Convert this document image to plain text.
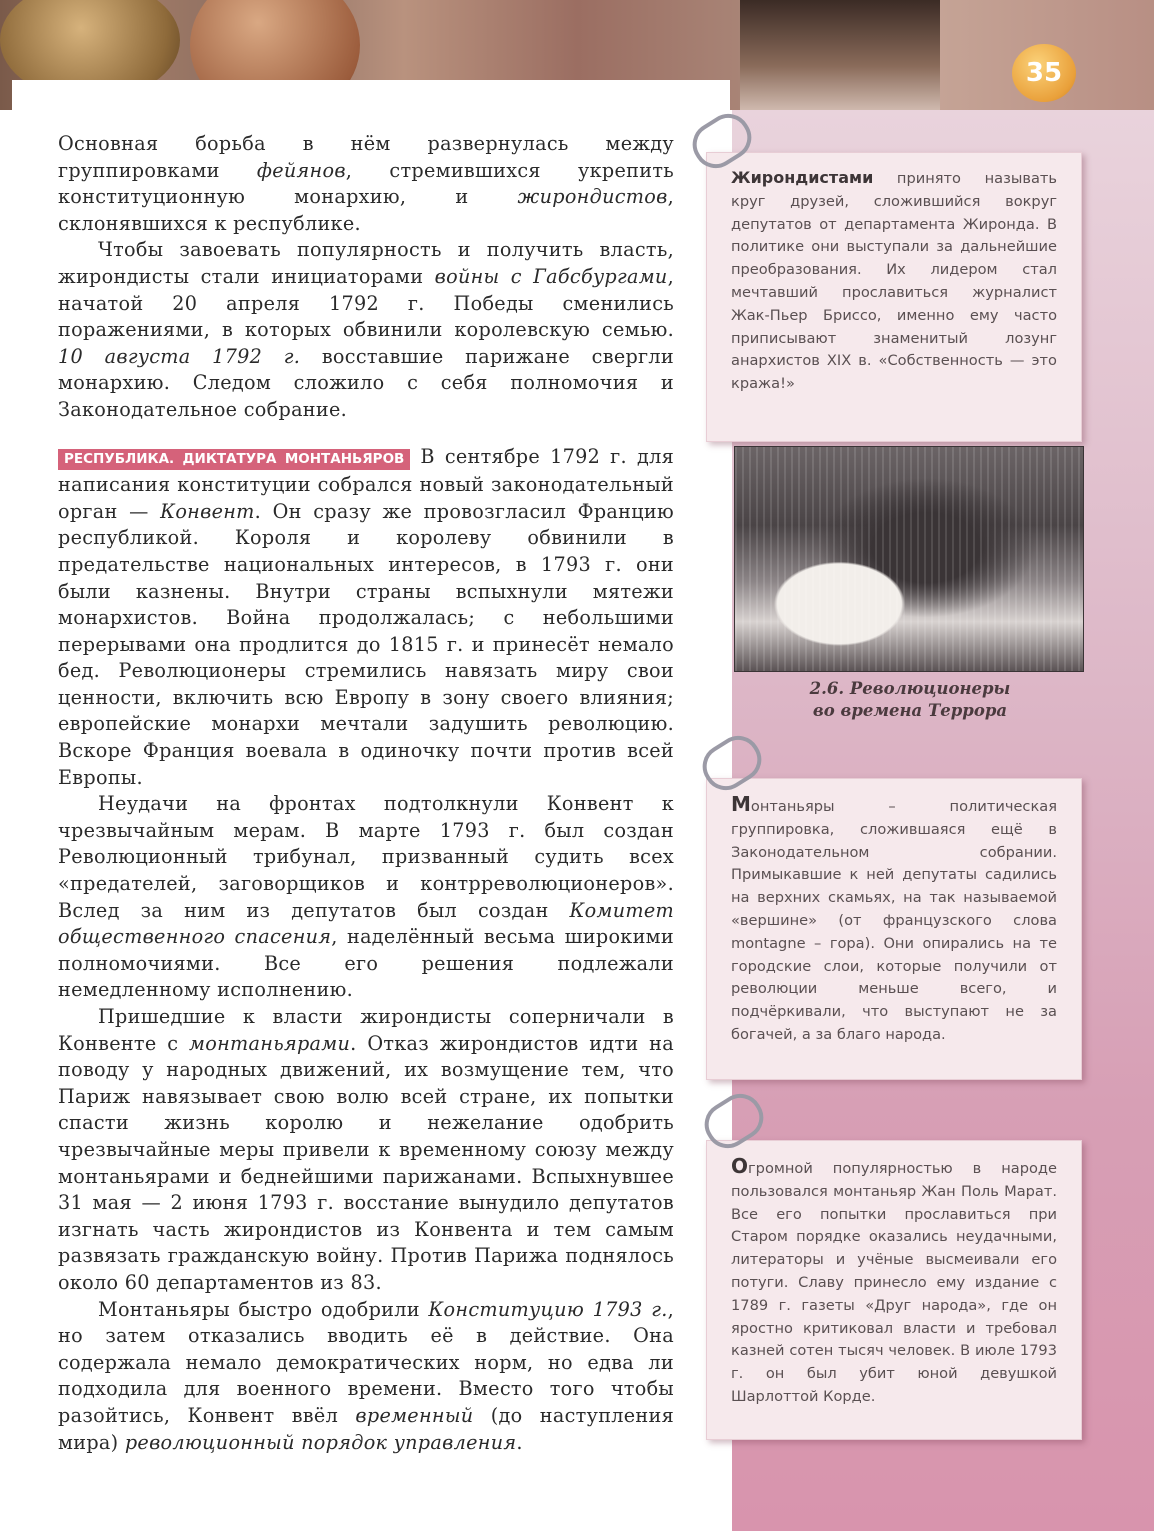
35

Основная борьба в нём развернулась между группировками фейянов, стремившихся укрепить конституционную монархию, и жирондистов, склонявшихся к республике.

Чтобы завоевать популярность и получить власть, жирондисты стали инициаторами войны с Габсбургами, начатой 20 апреля 1792 г. Победы сменились поражениями, в которых обвинили королевскую семью. 10 августа 1792 г. восставшие парижане свергли монархию. Следом сложило с себя полномочия и Законодательное собрание.

РЕСПУБЛИКА. ДИКТАТУРА МОНТАНЬЯРОВ В сентябре 1792 г. для написания конституции собрался новый законодательный орган — Конвент. Он сразу же провозгласил Францию республикой. Короля и королеву обвинили в предательстве национальных интересов, в 1793 г. они были казнены. Внутри страны вспыхнули мятежи монархистов. Война продолжалась; с небольшими перерывами она продлится до 1815 г. и принесёт немало бед. Революционеры стремились навязать миру свои ценности, включить всю Европу в зону своего влияния; европейские монархи мечтали задушить революцию. Вскоре Франция воевала в одиночку почти против всей Европы.

Неудачи на фронтах подтолкнули Конвент к чрезвычайным мерам. В марте 1793 г. был создан Революционный трибунал, призванный судить всех «предателей, заговорщиков и контрреволюционеров». Вслед за ним из депутатов был создан Комитет общественного спасения, наделённый весьма широкими полномочиями. Все его решения подлежали немедленному исполнению.

Пришедшие к власти жирондисты соперничали в Конвенте с монтаньярами. Отказ жирондистов идти на поводу у народных движений, их возмущение тем, что Париж навязывает свою волю всей стране, их попытки спасти жизнь королю и нежелание одобрить чрезвычайные меры привели к временному союзу между монтаньярами и беднейшими парижанами. Вспыхнувшее 31 мая — 2 июня 1793 г. восстание вынудило депутатов изгнать часть жирондистов из Конвента и тем самым развязать гражданскую войну. Против Парижа поднялось около 60 департаментов из 83.

Монтаньяры быстро одобрили Конституцию 1793 г., но затем отказались вводить её в действие. Она содержала немало демократических норм, но едва ли подходила для военного времени. Вместо того чтобы разойтись, Конвент ввёл временный (до наступления мира) революционный порядок управления.

Жирондистами принято называть круг друзей, сложившийся вокруг депутатов от департамента Жиронда. В политике они выступали за дальнейшие преобразования. Их лидером стал мечтавший прославиться журналист Жак-Пьер Бриссо, именно ему часто приписывают знаменитый лозунг анархистов XIX в. «Собственность — это кража!»
2.6. Революционеры
во времена Террора
Монтаньяры – политическая группировка, сложившаяся ещё в Законодательном собрании. Примыкавшие к ней депутаты садились на верхних скамьях, на так называемой «вершине» (от французского слова montagne – гора). Они опирались на те городские слои, которые получили от революции меньше всего, и подчёркивали, что выступают не за богачей, а за благо народа.
Огромной популярностью в народе пользовался монтаньяр Жан Поль Марат. Все его попытки прославиться при Старом порядке оказались неудачными, литераторы и учёные высмеивали его потуги. Славу принесло ему издание с 1789 г. газеты «Друг народа», где он яростно критиковал власти и требовал казней сотен тысяч человек. В июле 1793 г. он был убит юной девушкой Шарлоттой Корде.
